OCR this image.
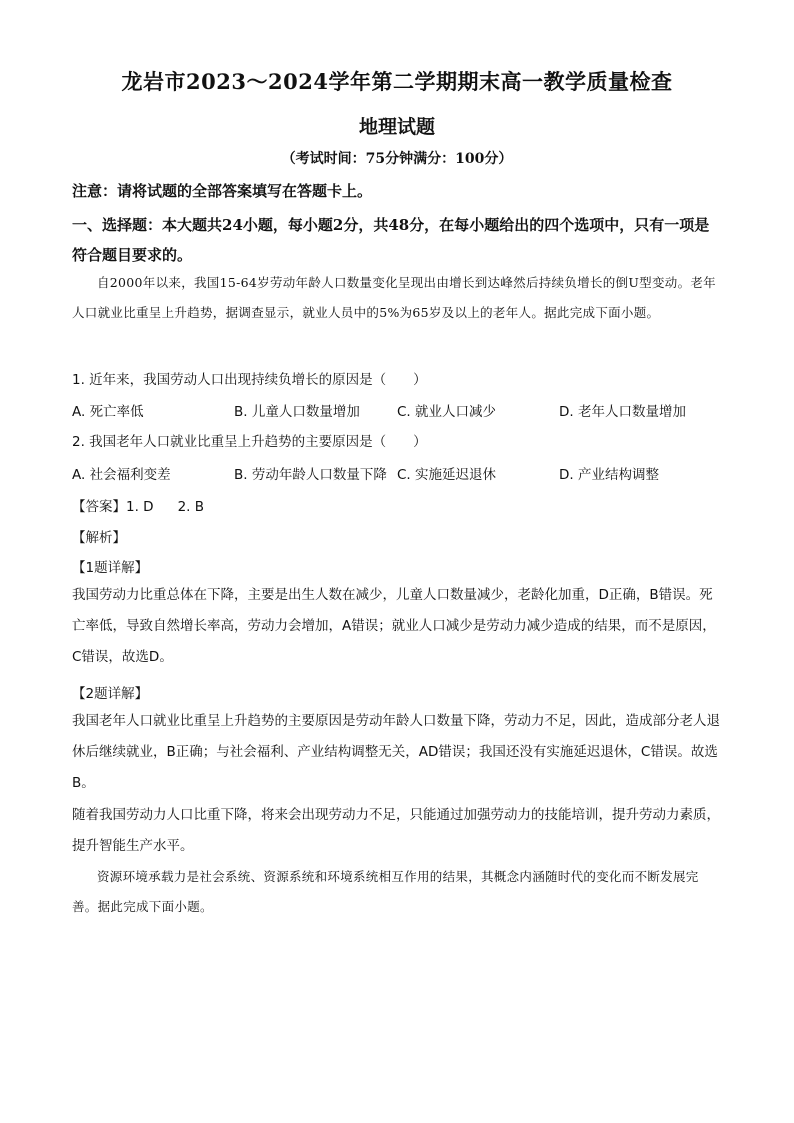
龙岩市2023～2024学年第二学期期末高一教学质量检查
地理试题
（考试时间：75分钟满分：100分）
注意：请将试题的全部答案填写在答题卡上。
一、选择题：本大题共24小题，每小题2分，共48分，在每小题给出的四个选项中，只有一项是符合题目要求的。
自2000年以来，我国15-64岁劳动年龄人口数量变化呈现出由增长到达峰然后持续负增长的倒U型变动。老年人口就业比重呈上升趋势，据调查显示，就业人员中的5%为65岁及以上的老年人。据此完成下面小题。
1. 近年来，我国劳动人口出现持续负增长的原因是（　　）
A. 死亡率低	B. 儿童人口数量增加	C. 就业人口减少	D. 老年人口数量增加
2. 我国老年人口就业比重呈上升趋势的主要原因是（　　）
A. 社会福利变差	B. 劳动年龄人口数量下降 C. 实施延迟退休	D. 产业结构调整
【答案】1. D 2. B
【解析】
【1题详解】
我国劳动力比重总体在下降，主要是出生人数在减少，儿童人口数量减少，老龄化加重，D正确，B错误。死亡率低，导致自然增长率高，劳动力会增加，A错误；就业人口减少是劳动力减少造成的结果，而不是原因，C错误，故选D。
【2题详解】
我国老年人口就业比重呈上升趋势的主要原因是劳动年龄人口数量下降，劳动力不足，因此，造成部分老人退休后继续就业，B正确；与社会福利、产业结构调整无关，AD错误；我国还没有实施延迟退休，C错误。故选B。
随着我国劳动力人口比重下降，将来会出现劳动力不足，只能通过加强劳动力的技能培训，提升劳动力素质，提升智能生产水平。
资源环境承载力是社会系统、资源系统和环境系统相互作用的结果，其概念内涵随时代的变化而不断发展完善。据此完成下面小题。
